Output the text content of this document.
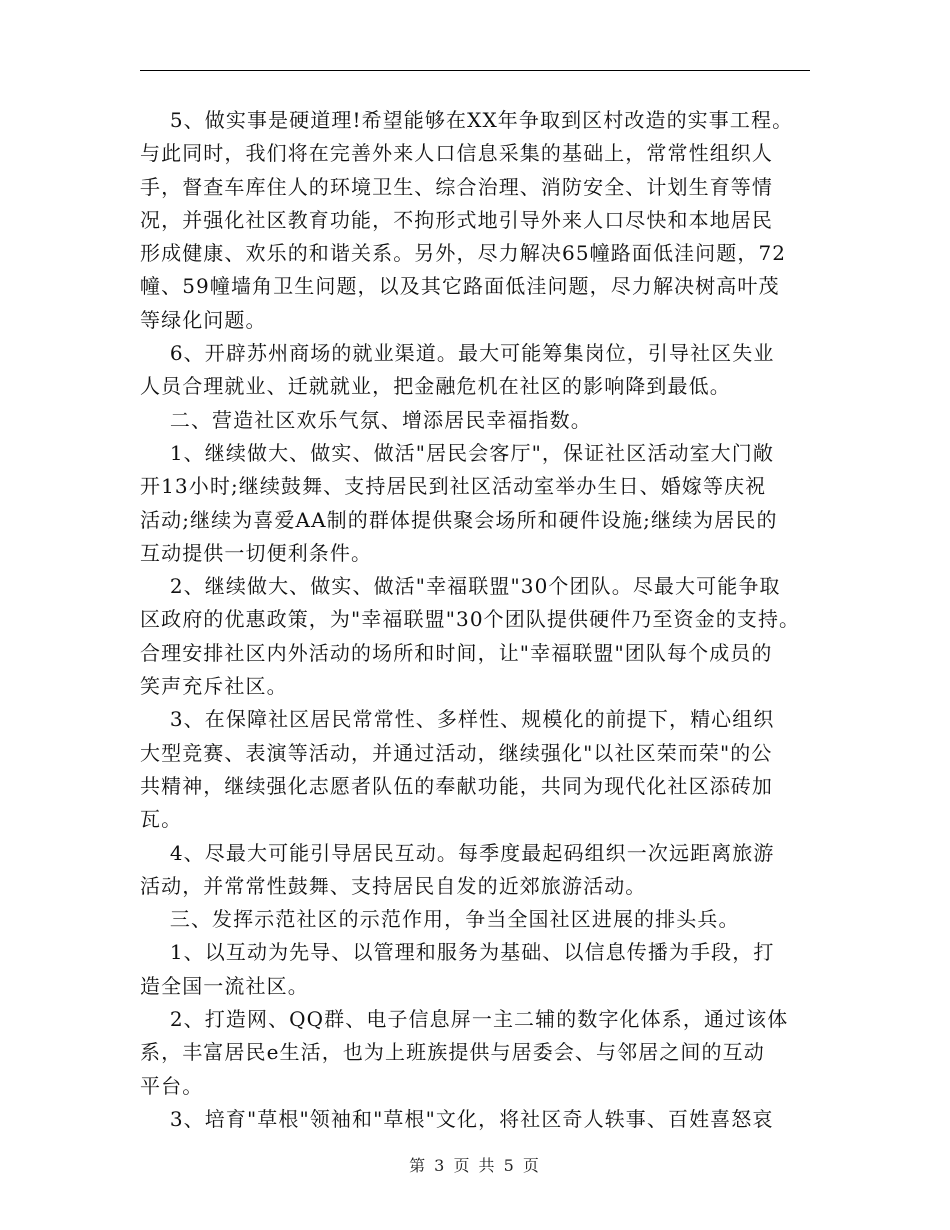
5、做实事是硬道理!希望能够在XX年争取到区村改造的实事工程。

与此同时，我们将在完善外来人口信息采集的基础上，常常性组织人

手，督查车库住人的环境卫生、综合治理、消防安全、计划生育等情

况，并强化社区教育功能，不拘形式地引导外来人口尽快和本地居民

形成健康、欢乐的和谐关系。另外，尽力解决65幢路面低洼问题，72

幢、59幢墙角卫生问题，以及其它路面低洼问题，尽力解决树高叶茂

等绿化问题。

6、开辟苏州商场的就业渠道。最大可能筹集岗位，引导社区失业

人员合理就业、迁就就业，把金融危机在社区的影响降到最低。

二、营造社区欢乐气氛、增添居民幸福指数。

1、继续做大、做实、做活"居民会客厅"，保证社区活动室大门敞

开13小时;继续鼓舞、支持居民到社区活动室举办生日、婚嫁等庆祝

活动;继续为喜爱AA制的群体提供聚会场所和硬件设施;继续为居民的

互动提供一切便利条件。

2、继续做大、做实、做活"幸福联盟"30个团队。尽最大可能争取

区政府的优惠政策，为"幸福联盟"30个团队提供硬件乃至资金的支持。

合理安排社区内外活动的场所和时间，让"幸福联盟"团队每个成员的

笑声充斥社区。

3、在保障社区居民常常性、多样性、规模化的前提下，精心组织

大型竞赛、表演等活动，并通过活动，继续强化"以社区荣而荣"的公

共精神，继续强化志愿者队伍的奉献功能，共同为现代化社区添砖加

瓦。

4、尽最大可能引导居民互动。每季度最起码组织一次远距离旅游

活动，并常常性鼓舞、支持居民自发的近郊旅游活动。

三、发挥示范社区的示范作用，争当全国社区进展的排头兵。

1、以互动为先导、以管理和服务为基础、以信息传播为手段，打

造全国一流社区。

2、打造网、QQ群、电子信息屏一主二辅的数字化体系，通过该体

系，丰富居民e生活，也为上班族提供与居委会、与邻居之间的互动

平台。

3、培育"草根"领袖和"草根"文化，将社区奇人轶事、百姓喜怒哀

第 3 页 共 5 页
